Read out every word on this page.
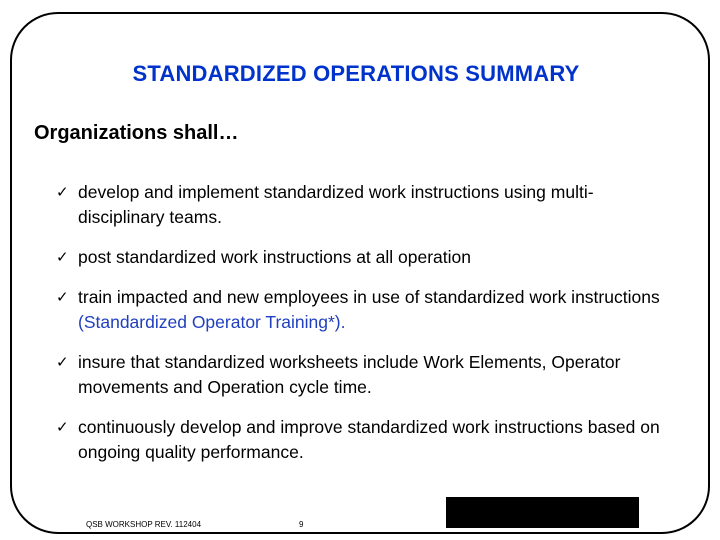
STANDARDIZED OPERATIONS SUMMARY
Organizations shall…
✓ develop and implement standardized work instructions using multi-disciplinary teams.
✓ post standardized work instructions at all operation
✓ train impacted and new employees in use of standardized work instructions (Standardized Operator Training*).
✓ insure that standardized worksheets include Work Elements, Operator movements and Operation cycle time.
✓ continuously develop and improve standardized work instructions based on ongoing quality performance.
QSB WORKSHOP REV. 112404	9
